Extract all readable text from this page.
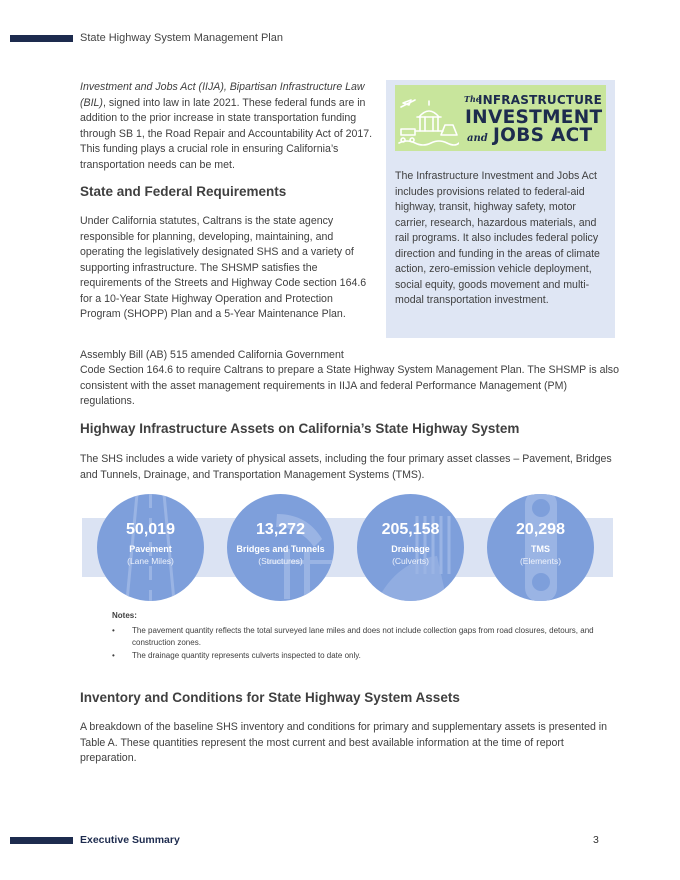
State Highway System Management Plan
Investment and Jobs Act (IIJA), Bipartisan Infrastructure Law (BIL), signed into law in late 2021. These federal funds are in addition to the prior increase in state transportation funding through SB 1, the Road Repair and Accountability Act of 2017. This funding plays a crucial role in ensuring California’s transportation needs can be met.
State and Federal Requirements
Under California statutes, Caltrans is the state agency responsible for planning, developing, maintaining, and operating the legislatively designated SHS and a variety of supporting infrastructure. The SHSMP satisfies the requirements of the Streets and Highway Code section 164.6 for a 10-Year State Highway Operation and Protection Program (SHOPP) Plan and a 5-Year Maintenance Plan.
Assembly Bill (AB) 515 amended California Government
Code Section 164.6 to require Caltrans to prepare a State Highway System Management Plan. The SHSMP is also consistent with the asset management requirements in IIJA and federal Performance Management (PM) regulations.
The
INFRASTRUCTURE
INVESTMENT
and JOBS ACT
The Infrastructure Investment and Jobs Act includes provisions related to federal-aid highway, transit, highway safety, motor carrier, research, hazardous materials, and rail programs. It also includes federal policy direction and funding in the areas of climate action, zero-emission vehicle deployment, social equity, goods movement and multi-modal transportation investment.
Highway Infrastructure Assets on California’s State Highway System
The SHS includes a wide variety of physical assets, including the four primary asset classes – Pavement, Bridges and Tunnels, Drainage, and Transportation Management Systems (TMS).
50,019
Pavement
(Lane Miles)
13,272
Bridges and Tunnels
(Structures)
205,158
Drainage
(Culverts)
20,298
TMS
(Elements)
Notes:
• The pavement quantity reflects the total surveyed lane miles and does not include collection gaps from road closures, detours, and construction zones.
• The drainage quantity represents culverts inspected to date only.
Inventory and Conditions for State Highway System Assets
A breakdown of the baseline SHS inventory and conditions for primary and supplementary assets is presented in Table A. These quantities represent the most current and best available information at the time of report preparation.
Executive Summary	3
